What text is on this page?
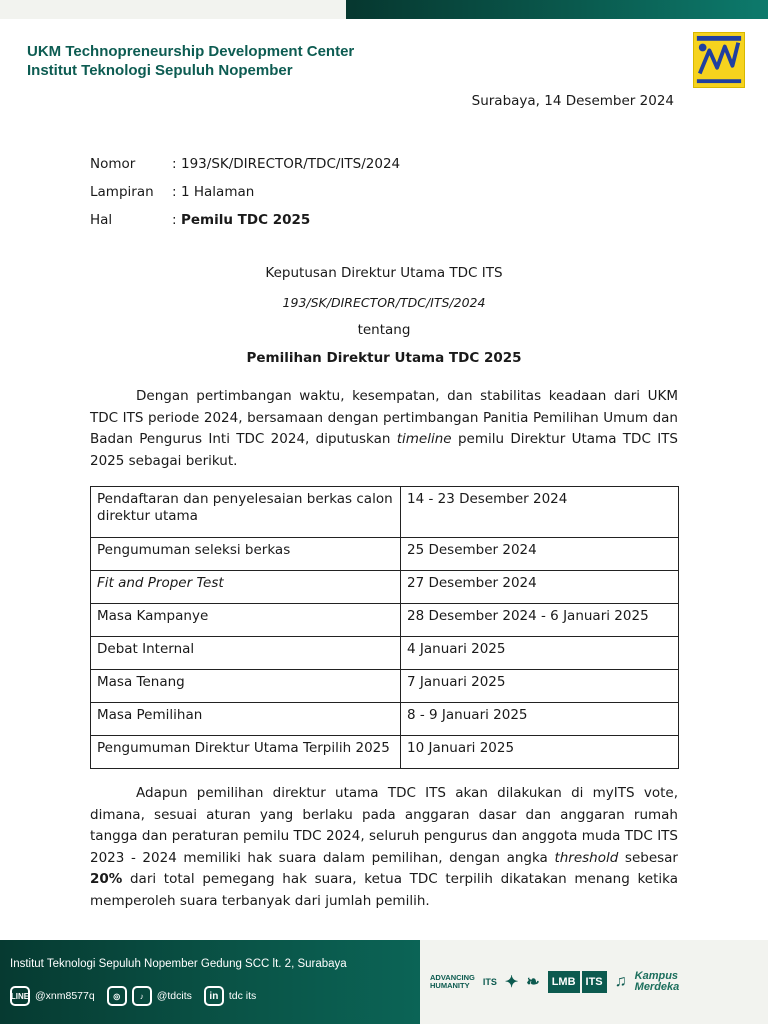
UKM Technopreneurship Development Center
Institut Teknologi Sepuluh Nopember
Surabaya, 14 Desember 2024
Nomor	: 193/SK/DIRECTOR/TDC/ITS/2024
Lampiran	: 1 Halaman
Hal	: Pemilu TDC 2025
Keputusan Direktur Utama TDC ITS
193/SK/DIRECTOR/TDC/ITS/2024
tentang
Pemilihan Direktur Utama TDC 2025
Dengan pertimbangan waktu, kesempatan, dan stabilitas keadaan dari UKM TDC ITS periode 2024, bersamaan dengan pertimbangan Panitia Pemilihan Umum dan Badan Pengurus Inti TDC 2024, diputuskan timeline pemilu Direktur Utama TDC ITS 2025 sebagai berikut.
Pendaftaran dan penyelesaian berkas calon direktur utama	14 - 23 Desember 2024
Pengumuman seleksi berkas	25 Desember 2024
Fit and Proper Test	27 Desember 2024
Masa Kampanye	28 Desember 2024 - 6 Januari 2025
Debat Internal	4 Januari 2025
Masa Tenang	7 Januari 2025
Masa Pemilihan	8 - 9 Januari 2025
Pengumuman Direktur Utama Terpilih 2025	10 Januari 2025
Adapun pemilihan direktur utama TDC ITS akan dilakukan di myITS vote, dimana, sesuai aturan yang berlaku pada anggaran dasar dan anggaran rumah tangga dan peraturan pemilu TDC 2024, seluruh pengurus dan anggota muda TDC ITS 2023 - 2024 memiliki hak suara dalam pemilihan, dengan angka threshold sebesar 20% dari total pemegang hak suara, ketua TDC terpilih dikatakan menang ketika memperoleh suara terbanyak dari jumlah pemilih.
Institut Teknologi Sepuluh Nopember Gedung SCC lt. 2, Surabaya
LINE @xnm8577q	◎	♪	@tdcits	in	tdc its
ADVANCING
HUMANITY	ITS ✦ ❧	LMB ITS ♫ Kampus
Merdeka
